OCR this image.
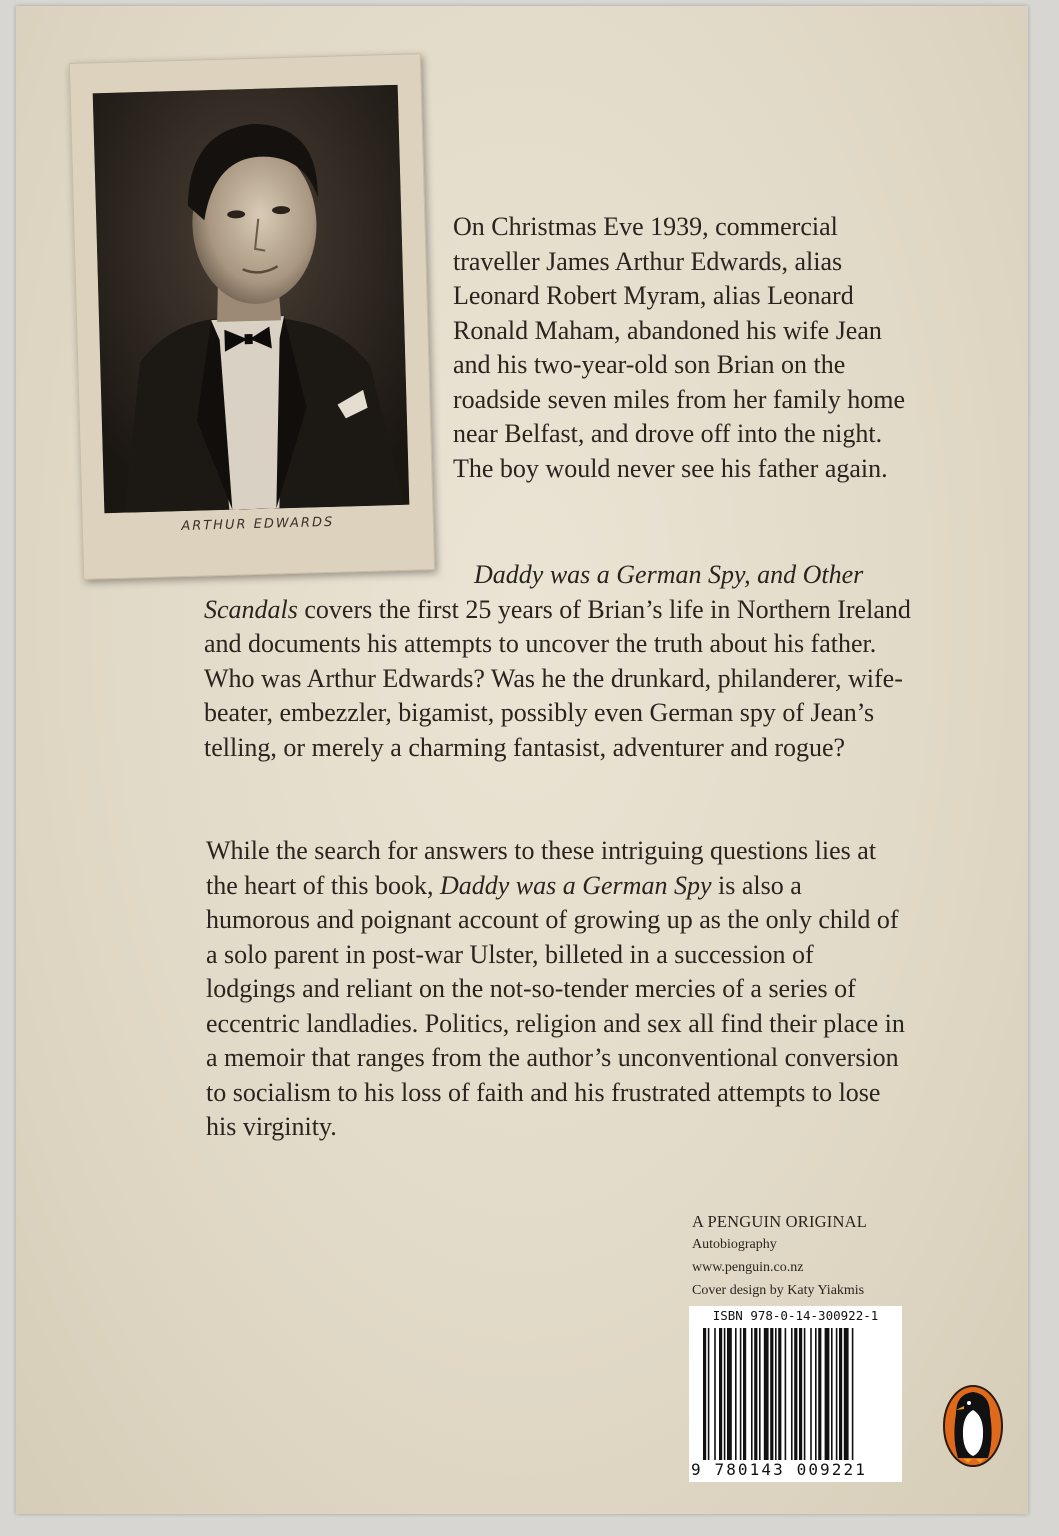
ARTHUR EDWARDS

On Christmas Eve 1939, commercial traveller James Arthur Edwards, alias Leonard Robert Myram, alias Leonard Ronald Maham, abandoned his wife Jean and his two-year-old son Brian on the roadside seven miles from her family home near Belfast, and drove off into the night. The boy would never see his father again.

Daddy was a German Spy, and Other Scandals covers the first 25 years of Brian’s life in Northern Ireland and documents his attempts to uncover the truth about his father. Who was Arthur Edwards? Was he the drunkard, philanderer, wife-beater, embezzler, bigamist, possibly even German spy of Jean’s telling, or merely a charming fantasist, adventurer and rogue?

While the search for answers to these intriguing questions lies at the heart of this book, Daddy was a German Spy is also a humorous and poignant account of growing up as the only child of a solo parent in post-war Ulster, billeted in a succession of lodgings and reliant on the not-so-tender mercies of a series of eccentric landladies. Politics, religion and sex all find their place in a memoir that ranges from the author’s unconventional conversion to socialism to his loss of faith and his frustrated attempts to lose his virginity.

A PENGUIN ORIGINAL
Autobiography
www.penguin.co.nz
Cover design by Katy Yiakmis
ISBN 978-0-14-300922-1
9 780143 009221
